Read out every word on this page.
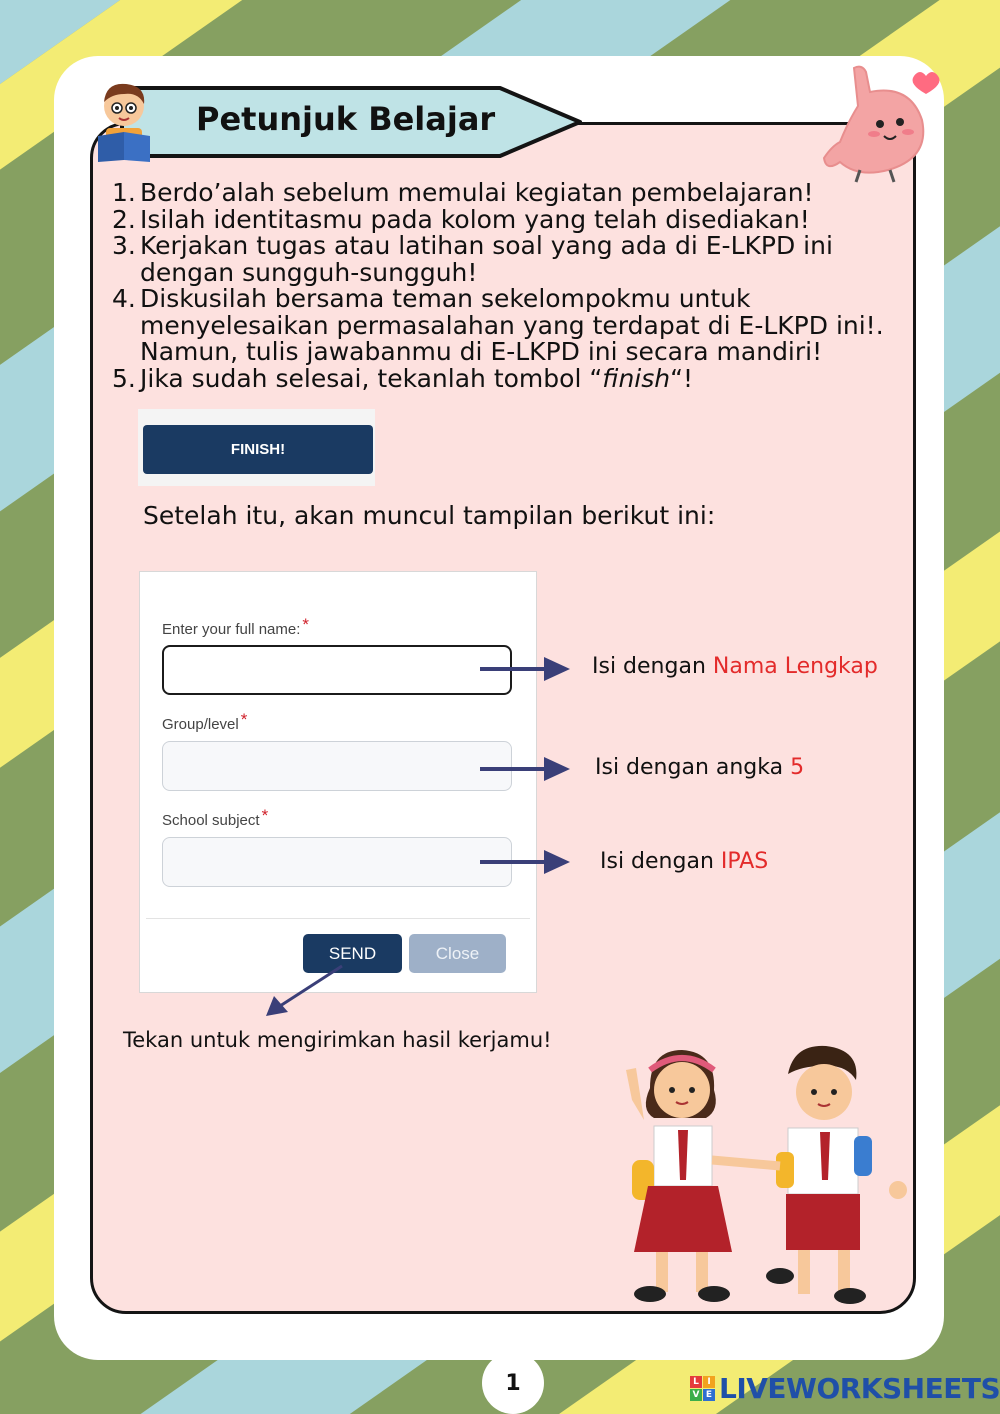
Petunjuk Belajar
1. Berdo’alah sebelum memulai kegiatan pembelajaran!
2. Isilah identitasmu pada kolom yang telah disediakan!
3. Kerjakan tugas atau latihan soal yang ada di E-LKPD ini dengan sungguh-sungguh!
4. Diskusilah bersama teman sekelompokmu untuk menyelesaikan permasalahan yang terdapat di E-LKPD ini!. Namun, tulis jawabanmu di E-LKPD ini secara mandiri!
5. Jika sudah selesai, tekanlah tombol “finish“!
FINISH!
Setelah itu, akan muncul tampilan berikut ini:
Enter your full name: *
Group/level *
School subject *
SEND	Close
Isi dengan Nama Lengkap
Isi dengan angka 5
Isi dengan IPAS
Tekan untuk mengirimkan hasil kerjamu!
1	L I
V E LIVEWORKSHEETS
